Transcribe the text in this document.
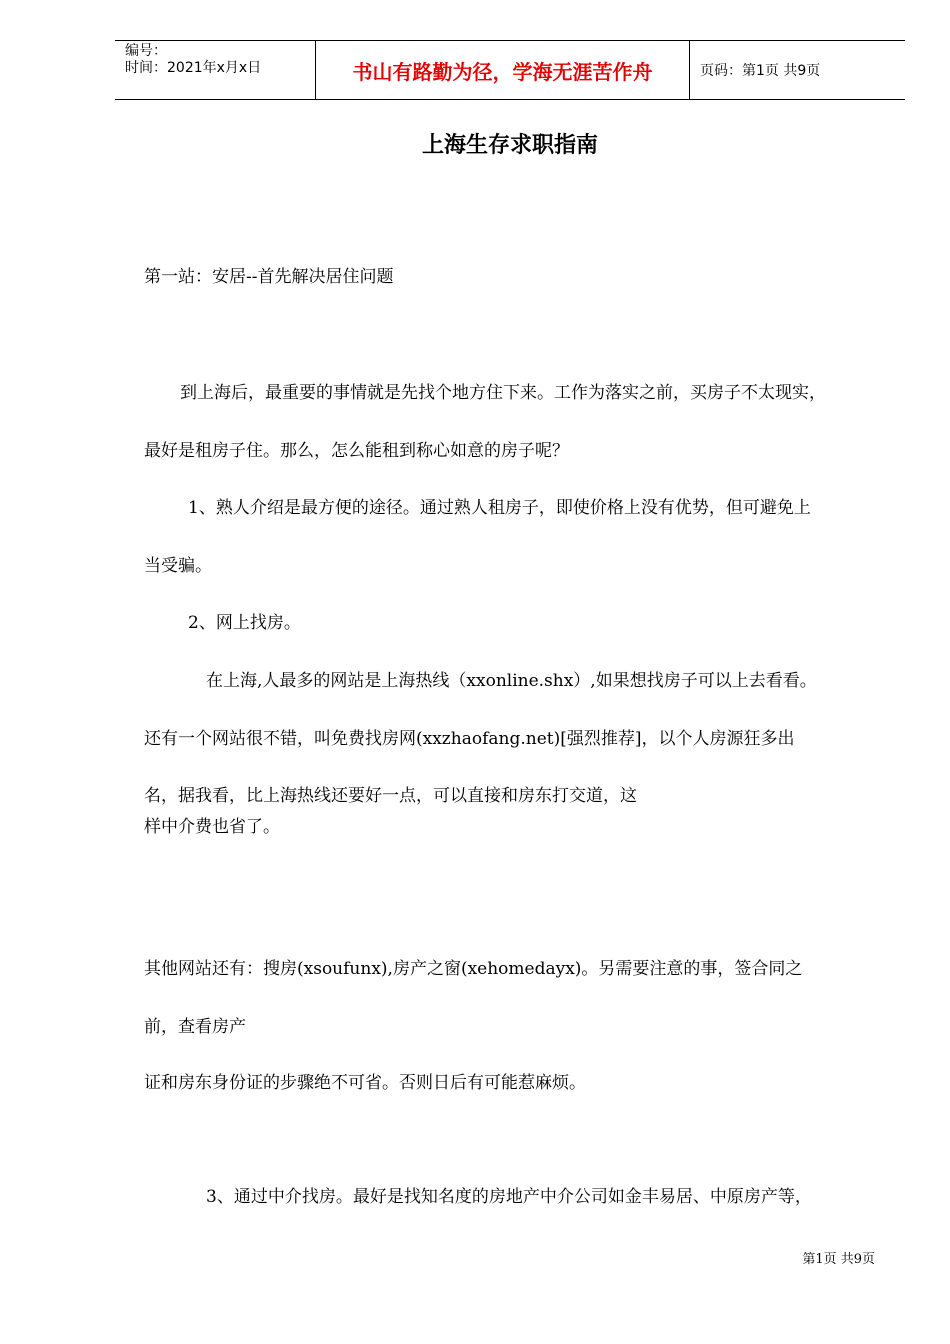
编号：
时间：2021年x月x日	书山有路勤为径，学海无涯苦作舟	页码：第1页 共9页
上海生存求职指南
第一站：安居--首先解决居住问题
到上海后，最重要的事情就是先找个地方住下来。工作为落实之前，买房子不太现实，
最好是租房子住。那么，怎么能租到称心如意的房子呢？
1、熟人介绍是最方便的途径。通过熟人租房子，即使价格上没有优势，但可避免上
当受骗。
2、网上找房。
在上海,人最多的网站是上海热线（xxonline.shx）,如果想找房子可以上去看看。
还有一个网站很不错，叫免费找房网(xxzhaofang.net)[强烈推荐]，以个人房源狂多出
名，据我看，比上海热线还要好一点，可以直接和房东打交道，这
样中介费也省了。
其他网站还有：搜房(xsoufunx),房产之窗(xehomedayx)。另需要注意的事，签合同之
前，查看房产
证和房东身份证的步骤绝不可省。否则日后有可能惹麻烦。
3、通过中介找房。最好是找知名度的房地产中介公司如金丰易居、中原房产等，
第1页 共9页
